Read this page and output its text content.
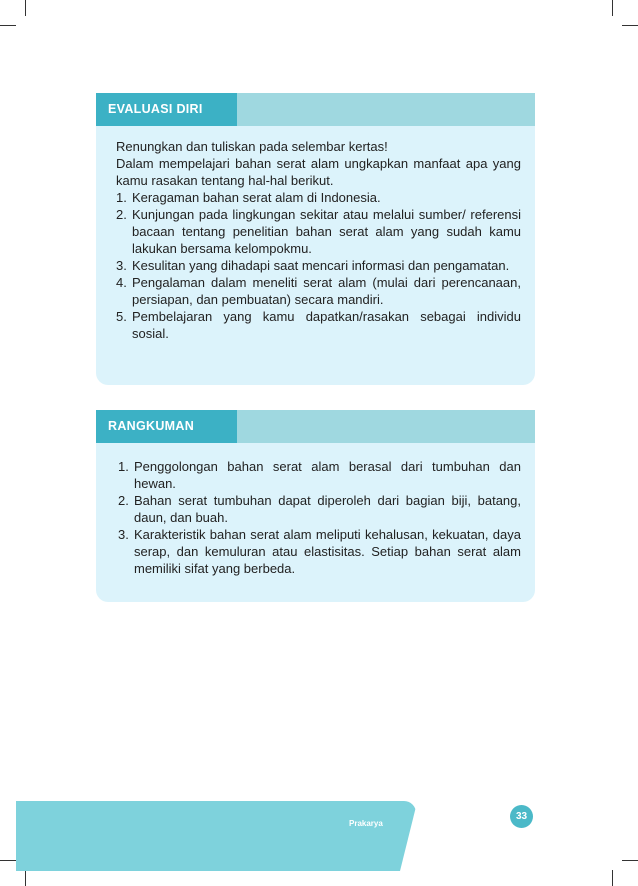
EVALUASI DIRI

Renungkan dan tuliskan pada selembar kertas!

Dalam mempelajari bahan serat alam ungkapkan manfaat apa yang kamu rasakan tentang hal-hal berikut.

1. Keragaman bahan serat alam di Indonesia.
2. Kunjungan pada lingkungan sekitar atau melalui sumber/ referensi bacaan tentang penelitian bahan serat alam yang sudah kamu lakukan bersama kelompokmu.
3. Kesulitan yang dihadapi saat mencari informasi dan pengamatan.
4. Pengalaman dalam meneliti serat alam (mulai dari perencanaan, persiapan, dan pembuatan) secara mandiri.
5. Pembelajaran yang kamu dapatkan/rasakan sebagai individu sosial.
RANGKUMAN
1. Penggolongan bahan serat alam berasal dari tumbuhan dan hewan.
2. Bahan serat tumbuhan dapat diperoleh dari bagian biji, batang, daun, dan buah.
3. Karakteristik bahan serat alam meliputi kehalusan, kekuatan, daya serap, dan kemuluran atau elastisitas. Setiap bahan serat alam memiliki sifat yang berbeda.
Prakarya
33
